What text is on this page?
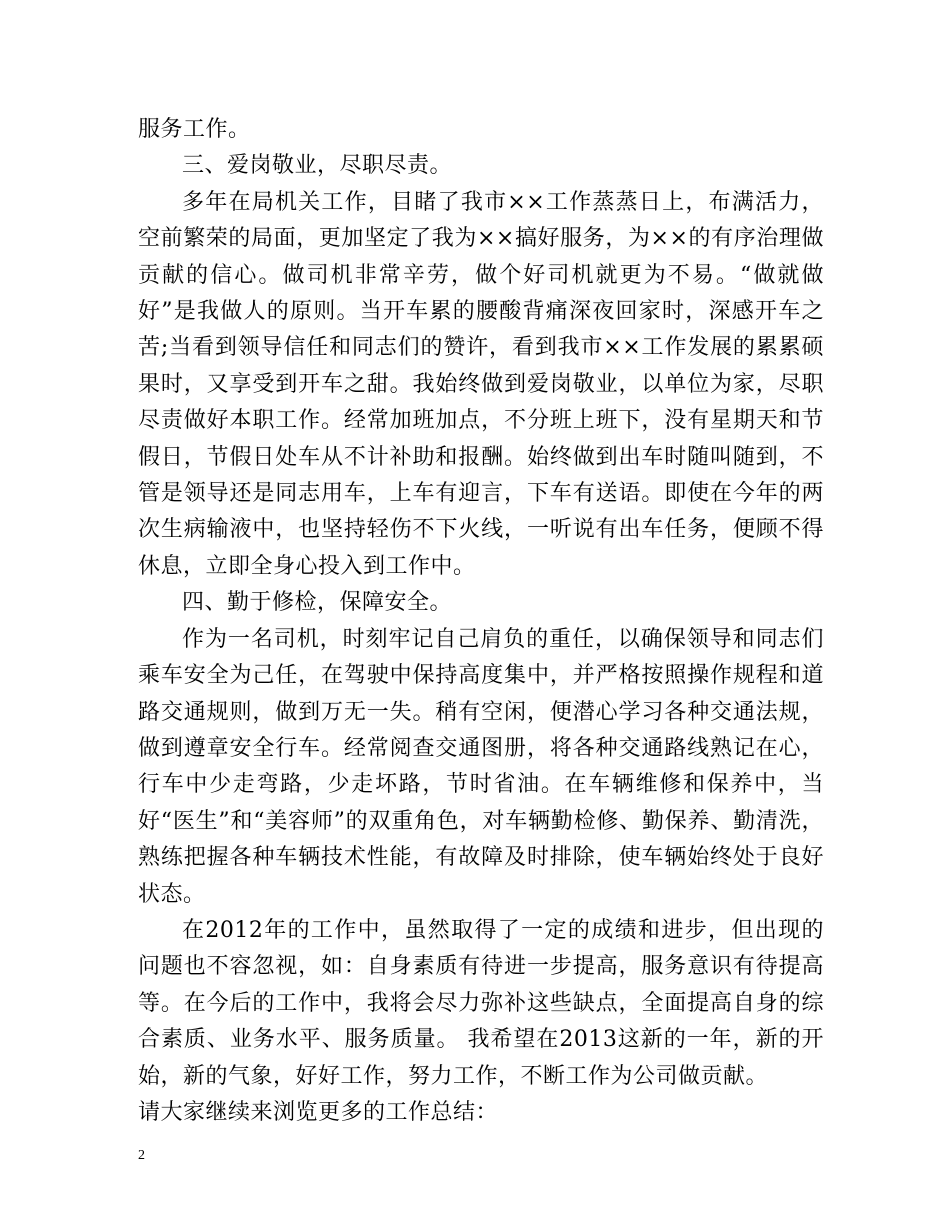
服务工作。

三、爱岗敬业，尽职尽责。

多年在局机关工作，目睹了我市××工作蒸蒸日上，布满活力，空前繁荣的局面，更加坚定了我为××搞好服务，为××的有序治理做贡献的信心。做司机非常辛劳，做个好司机就更为不易。“做就做好”是我做人的原则。当开车累的腰酸背痛深夜回家时，深感开车之苦;当看到领导信任和同志们的赞许，看到我市××工作发展的累累硕果时，又享受到开车之甜。我始终做到爱岗敬业，以单位为家，尽职尽责做好本职工作。经常加班加点，不分班上班下，没有星期天和节假日，节假日处车从不计补助和报酬。始终做到出车时随叫随到，不管是领导还是同志用车，上车有迎言，下车有送语。即使在今年的两次生病输液中，也坚持轻伤不下火线，一听说有出车任务，便顾不得休息，立即全身心投入到工作中。

四、勤于修检，保障安全。

作为一名司机，时刻牢记自己肩负的重任，以确保领导和同志们乘车安全为己任，在驾驶中保持高度集中，并严格按照操作规程和道路交通规则，做到万无一失。稍有空闲，便潜心学习各种交通法规，做到遵章安全行车。经常阅查交通图册，将各种交通路线熟记在心，行车中少走弯路，少走坏路，节时省油。在车辆维修和保养中，当好“医生”和“美容师”的双重角色，对车辆勤检修、勤保养、勤清洗，熟练把握各种车辆技术性能，有故障及时排除，使车辆始终处于良好状态。

在2012年的工作中，虽然取得了一定的成绩和进步，但出现的问题也不容忽视，如：自身素质有待进一步提高，服务意识有待提高等。在今后的工作中，我将会尽力弥补这些缺点，全面提高自身的综合素质、业务水平、服务质量。 我希望在2013这新的一年，新的开始，新的气象，好好工作，努力工作，不断工作为公司做贡献。

请大家继续来浏览更多的工作总结：

2
